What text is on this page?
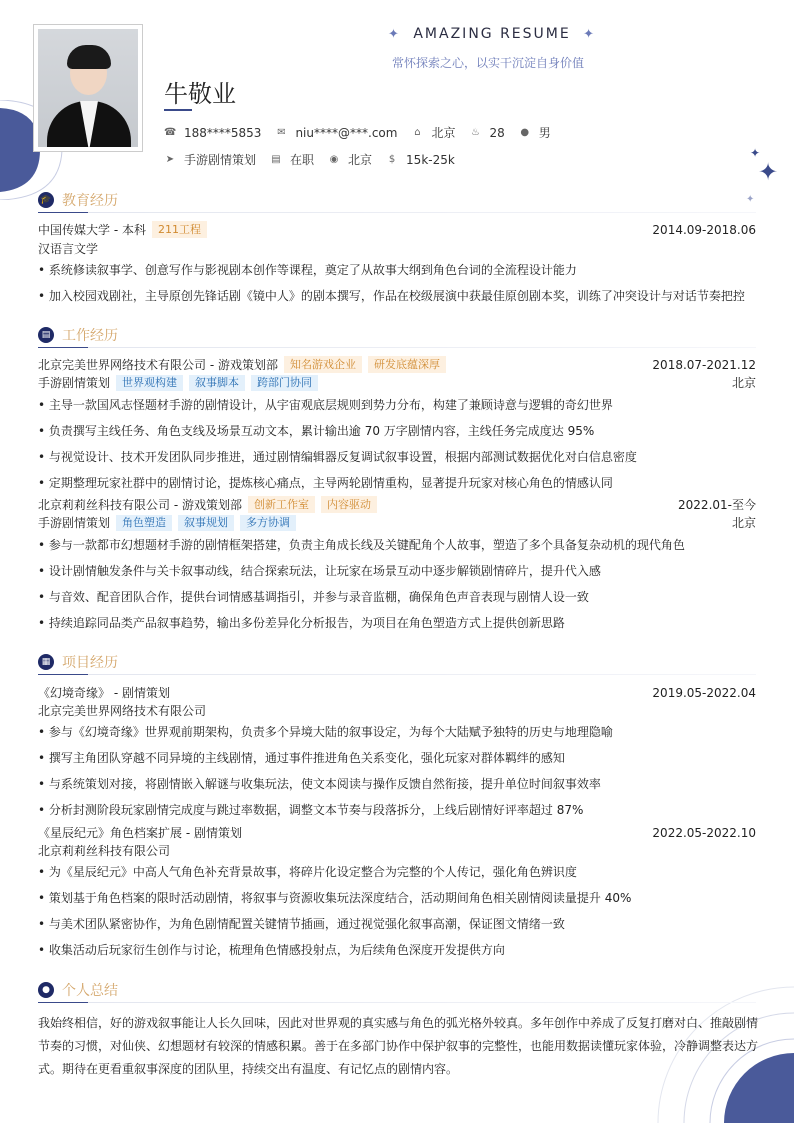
✦ AMAZING RESUME ✦
常怀探索之心，以实干沉淀自身价值
牛敬业
☎ 188****5853 ✉ niu****@***.com ⌂ 北京 ♨ 28 ● 男
➤ 手游剧情策划 ▤ 在职 ◉ 北京 $ 15k-25k	✦
✦
✦
🎓 教育经历
中国传媒大学 - 本科	211工程	2014.09-2018.06
汉语言文学
• 系统修读叙事学、创意写作与影视剧本创作等课程，奠定了从故事大纲到角色台词的全流程设计能力
• 加入校园戏剧社，主导原创先锋话剧《镜中人》的剧本撰写，作品在校级展演中获最佳原创剧本奖，训练了冲突设计与对话节奏把控
▤ 工作经历
北京完美世界网络技术有限公司 - 游戏策划部	知名游戏企业	研发底蕴深厚	2018.07-2021.12
手游剧情策划	世界观构建	叙事脚本	跨部门协同	北京
• 主导一款国风志怪题材手游的剧情设计，从宇宙观底层规则到势力分布，构建了兼顾诗意与逻辑的奇幻世界
• 负责撰写主线任务、角色支线及场景互动文本，累计输出逾 70 万字剧情内容，主线任务完成度达 95%
• 与视觉设计、技术开发团队同步推进，通过剧情编辑器反复调试叙事设置，根据内部测试数据优化对白信息密度
• 定期整理玩家社群中的剧情讨论，提炼核心痛点，主导两轮剧情重构，显著提升玩家对核心角色的情感认同
北京莉莉丝科技有限公司 - 游戏策划部	创新工作室	内容驱动	2022.01-至今
手游剧情策划	角色塑造	叙事规划	多方协调	北京
• 参与一款都市幻想题材手游的剧情框架搭建，负责主角成长线及关键配角个人故事，塑造了多个具备复杂动机的现代角色
• 设计剧情触发条件与关卡叙事动线，结合探索玩法，让玩家在场景互动中逐步解锁剧情碎片，提升代入感
• 与音效、配音团队合作，提供台词情感基调指引，并参与录音监棚，确保角色声音表现与剧情人设一致
• 持续追踪同品类产品叙事趋势，输出多份差异化分析报告，为项目在角色塑造方式上提供创新思路
▦ 项目经历
《幻境奇缘》 - 剧情策划	2019.05-2022.04
北京完美世界网络技术有限公司
• 参与《幻境奇缘》世界观前期架构，负责多个异境大陆的叙事设定，为每个大陆赋予独特的历史与地理隐喻
• 撰写主角团队穿越不同异境的主线剧情，通过事件推进角色关系变化，强化玩家对群体羁绊的感知
• 与系统策划对接，将剧情嵌入解谜与收集玩法，使文本阅读与操作反馈自然衔接，提升单位时间叙事效率
• 分析封测阶段玩家剧情完成度与跳过率数据，调整文本节奏与段落拆分，上线后剧情好评率超过 87%
《星辰纪元》角色档案扩展 - 剧情策划	2022.05-2022.10
北京莉莉丝科技有限公司
• 为《星辰纪元》中高人气角色补充背景故事，将碎片化设定整合为完整的个人传记，强化角色辨识度
• 策划基于角色档案的限时活动剧情，将叙事与资源收集玩法深度结合，活动期间角色相关剧情阅读量提升 40%
• 与美术团队紧密协作，为角色剧情配置关键情节插画，通过视觉强化叙事高潮，保证图文情绪一致
• 收集活动后玩家衍生创作与讨论，梳理角色情感投射点，为后续角色深度开发提供方向
● 个人总结
我始终相信，好的游戏叙事能让人长久回味，因此对世界观的真实感与角色的弧光格外较真。多年创作中养成了反复打磨对白、推敲剧情节奏的习惯，对仙侠、幻想题材有较深的情感积累。善于在多部门协作中保护叙事的完整性，也能用数据读懂玩家体验，冷静调整表达方式。期待在更看重叙事深度的团队里，持续交出有温度、有记忆点的剧情内容。
